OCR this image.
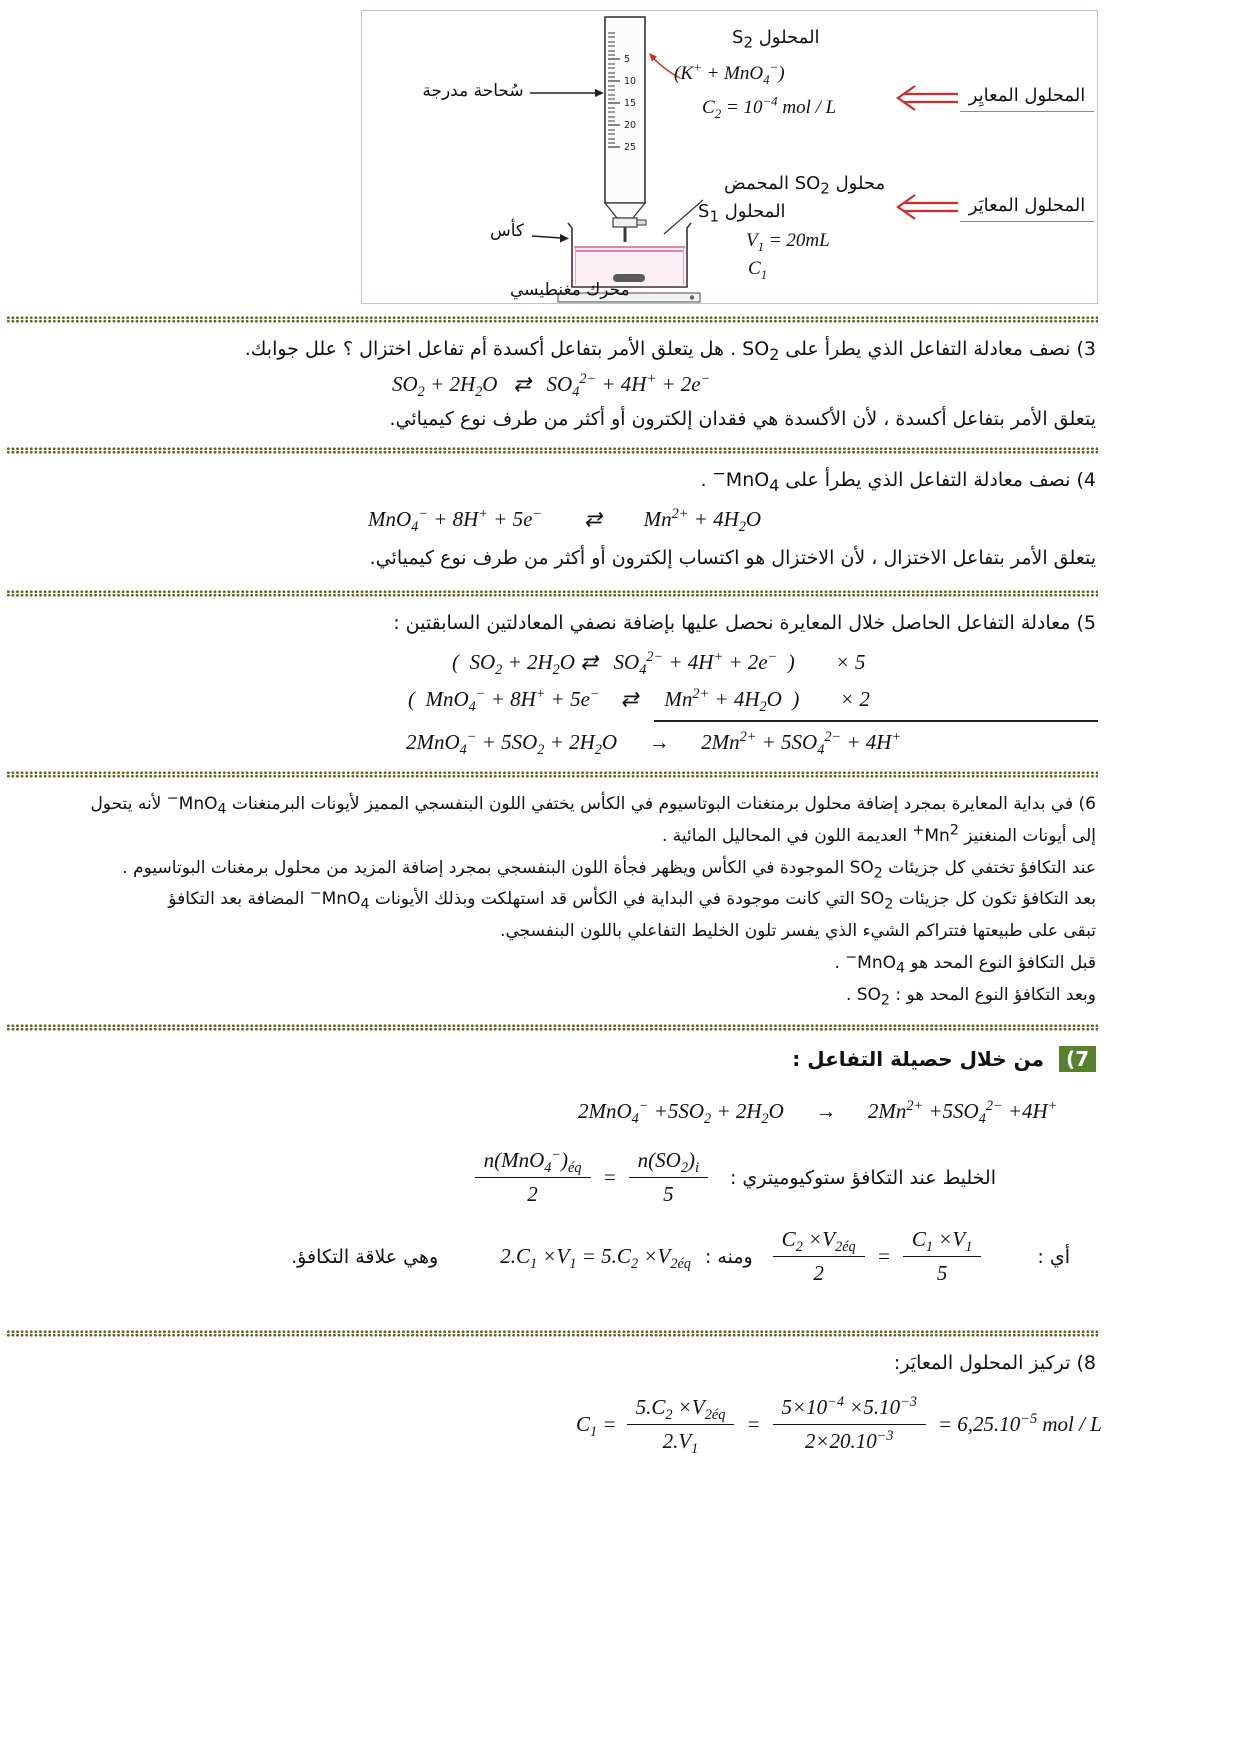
5
10
15
20
25
سُحاحة مدرجة
المحلول $S_2$
(K+ + MnO$_4$−)
$C_2 = 10^{-4}$ mol / L
المحلول المعايِر
محلول $SO_2$ المحمض
المحلول $S_1$
$V_1 = 20mL$
$C_1$
المحلول المعايَر
كأس
محرك مغنطيسي

3) نصف معادلة التفاعل الذي يطرأ على $SO_2$ . هل يتعلق الأمر بتفاعل أكسدة أم تفاعل اختزال ؟ علل جوابك.

$SO_2 + 2H_2O$  ⇄  $SO_4^{2-} + 4H^+ + 2e^-$

يتعلق الأمر بتفاعل أكسدة ، لأن الأكسدة هي فقدان إلكترون أو أكثر من طرف نوع كيميائي.

4) نصف معادلة التفاعل الذي يطرأ على MnO$_4$− .

MnO$_4$− + 8H+ + 5e−  ⇄  $Mn^{2+} + 4H_2O$

يتعلق الأمر بتفاعل الاختزال ، لأن الاختزال هو اكتساب إلكترون أو أكثر من طرف نوع كيميائي.

5) معادلة التفاعل الحاصل خلال المعايرة نحصل عليها بإضافة نصفي المعادلتين السابقتين :

( $SO_2 + 2H_2O$ ⇄  $SO_4^{2-} + 4H^+ + 2e^-$ ) × 5
( MnO$_4$− + 8H+ + 5e− ⇄  $Mn^{2+} + 4H_2O$ ) × 2
$2MnO_4^- + 5SO_2 + 2H_2O$  →  $2Mn^{2+} + 5SO_4^{2-} + 4H^+$

6) في بداية المعايرة بمجرد إضافة محلول برمنغنات البوتاسيوم في الكأس يختفي اللون البنفسجي المميز لأيونات البرمنغنات MnO$_4$− لأنه يتحول

إلى أيونات المنغنيز $Mn^{2+}$ العديمة اللون في المحاليل المائية .

عند التكافؤ تختفي كل جزيئات $SO_2$ الموجودة في الكأس ويظهر فجأة اللون البنفسجي بمجرد إضافة المزيد من محلول برمغنات البوتاسيوم .

بعد التكافؤ تكون كل جزيئات $SO_2$ التي كانت موجودة في البداية في الكأس قد استهلكت وبذلك الأيونات MnO$_4$− المضافة بعد التكافؤ

تبقى على طبيعتها فتتراكم الشيء الذي يفسر تلون الخليط التفاعلي باللون البنفسجي.

قبل التكافؤ النوع المحد هو MnO$_4$− .

وبعد التكافؤ النوع المحد هو : $SO_2$ .

7) من خلال حصيلة التفاعل :

$2MnO_4^- +5SO_2 + 2H_2O$  →  $2Mn^{2+} +5SO_4^{2-} +4H^+$
الخليط عند التكافؤ ستوكيوميتري :
$\frac{n(MnO_4^-)_{éq}}{2} = \frac{n(SO_2)_i}{5}$
أي :
$\frac{C_2 \times V_{2éq}}{2} = \frac{C_1 \times V_1}{5}$
ومنه :
$2.C_1 \times V_1 = 5.C_2 \times V_{2éq}$
وهي علاقة التكافؤ.

8) تركيز المحلول المعايَر:

$C_1 = \frac{5.C_2 \times V_{2éq}}{2.V_1} = \frac{5\times 10^{-4} \times 5.10^{-3}}{2\times 20.10^{-3}} = 6,25.10^{-5}$ mol / L
